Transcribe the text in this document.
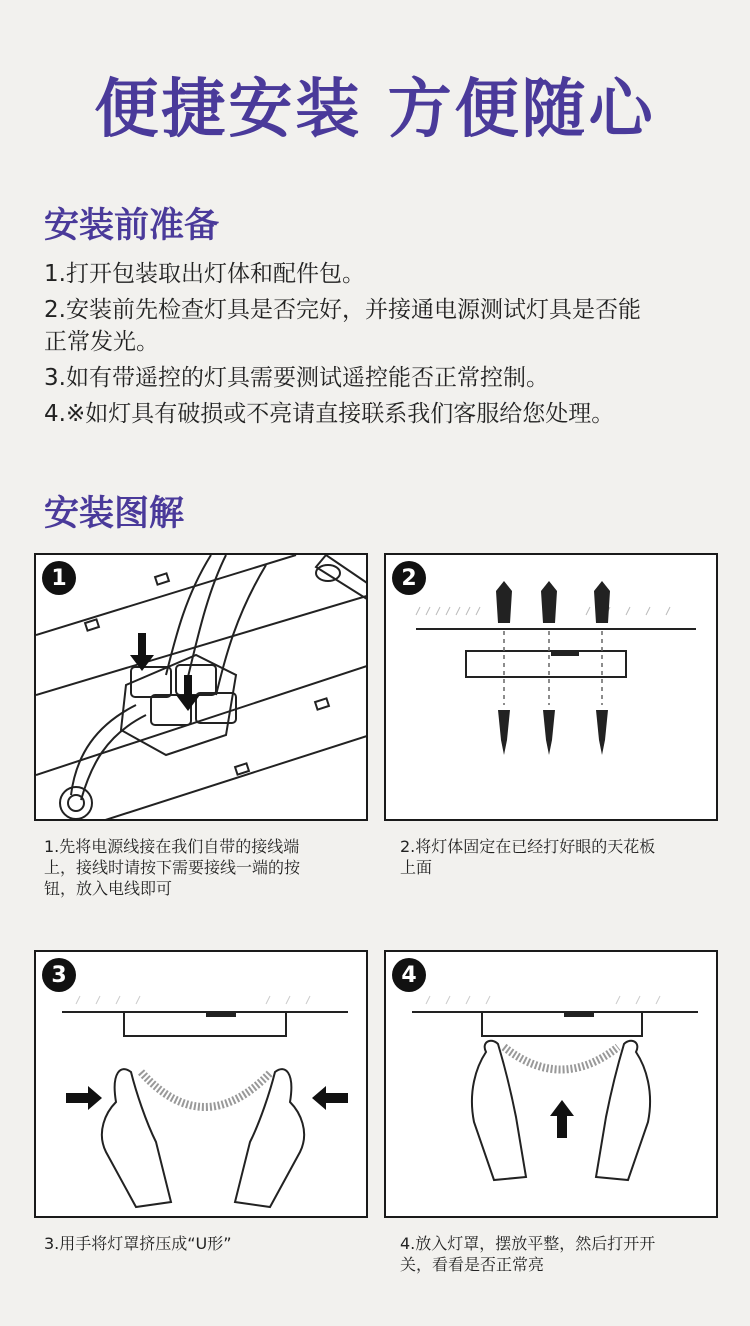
便捷安装 方便随心
安装前准备
1.打开包装取出灯体和配件包。
2.安装前先检查灯具是否完好，并接通电源测试灯具是否能
正常发光。
3.如有带遥控的灯具需要测试遥控能否正常控制。
4.※如灯具有破损或不亮请直接联系我们客服给您处理。
安装图解
1
1.先将电源线接在我们自带的接线端
上，接线时请按下需要接线一端的按
钮，放入电线即可
2
2.将灯体固定在已经打好眼的天花板
上面
3
3.用手将灯罩挤压成“U形”
4
4.放入灯罩，摆放平整，然后打开开
关，看看是否正常亮
